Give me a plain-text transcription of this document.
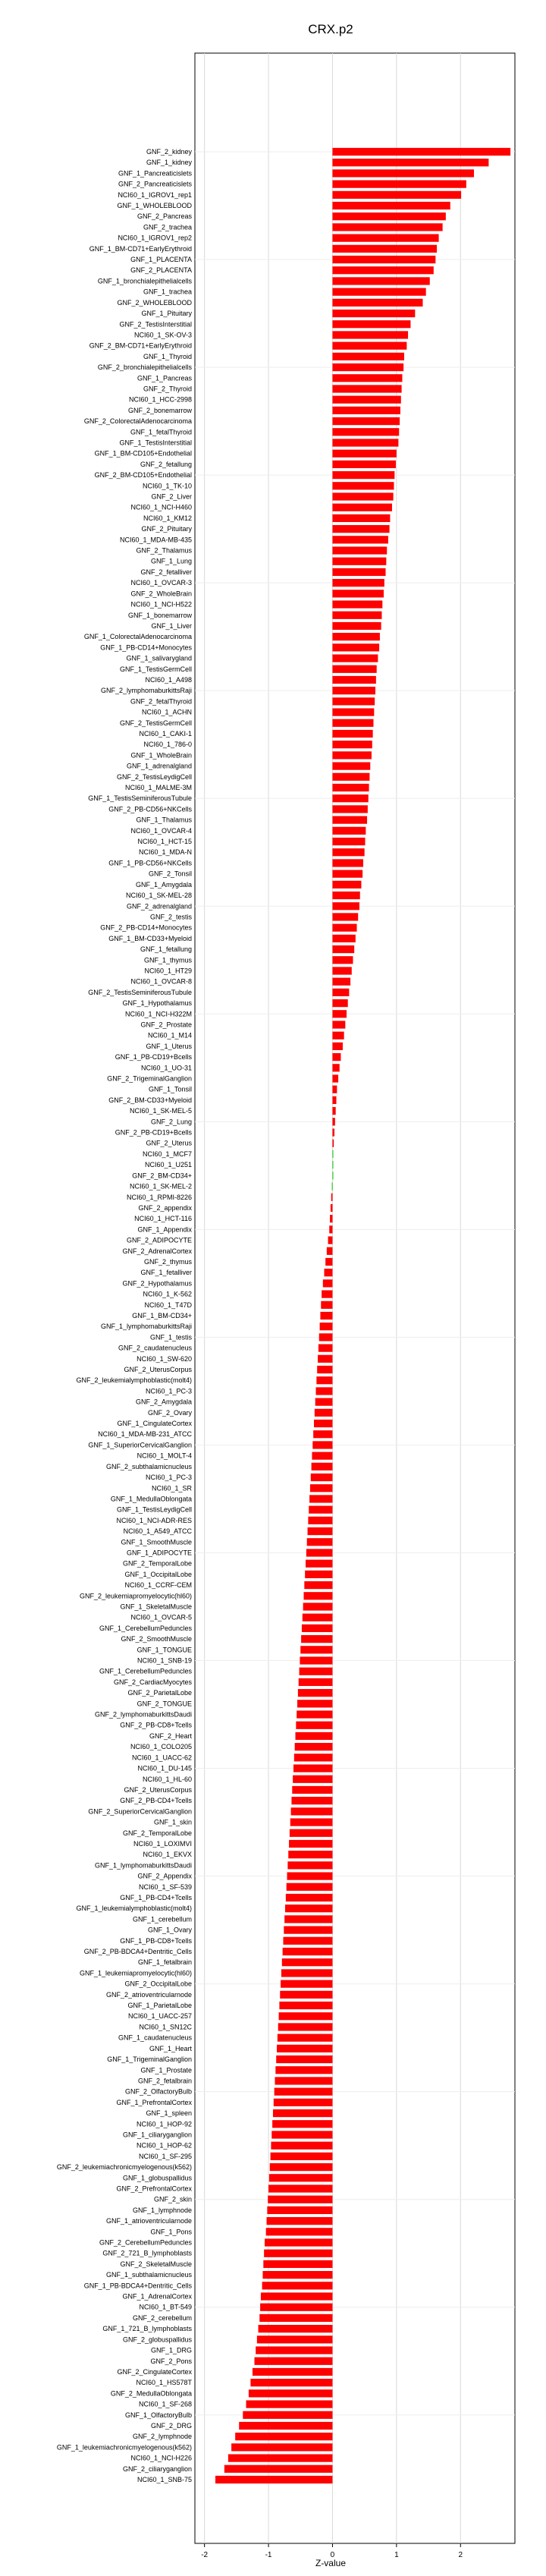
CRX.p2
GNF_2_kidney
GNF_1_kidney
GNF_1_Pancreaticislets
GNF_2_Pancreaticislets
NCI60_1_IGROV1_rep1
GNF_1_WHOLEBLOOD
GNF_2_Pancreas
GNF_2_trachea
NCI60_1_IGROV1_rep2
GNF_1_BM-CD71+EarlyErythroid
GNF_1_PLACENTA
GNF_2_PLACENTA
GNF_1_bronchialepithelialcells
GNF_1_trachea
GNF_2_WHOLEBLOOD
GNF_1_Pituitary
GNF_2_TestisInterstitial
NCI60_1_SK-OV-3
GNF_2_BM-CD71+EarlyErythroid
GNF_1_Thyroid
GNF_2_bronchialepithelialcells
GNF_1_Pancreas
GNF_2_Thyroid
NCI60_1_HCC-2998
GNF_2_bonemarrow
GNF_2_ColorectalAdenocarcinoma
GNF_1_fetalThyroid
GNF_1_TestisInterstitial
GNF_1_BM-CD105+Endothelial
GNF_2_fetallung
GNF_2_BM-CD105+Endothelial
NCI60_1_TK-10
GNF_2_Liver
NCI60_1_NCI-H460
NCI60_1_KM12
GNF_2_Pituitary
NCI60_1_MDA-MB-435
GNF_2_Thalamus
GNF_1_Lung
GNF_2_fetalliver
NCI60_1_OVCAR-3
GNF_2_WholeBrain
NCI60_1_NCI-H522
GNF_1_bonemarrow
GNF_1_Liver
GNF_1_ColorectalAdenocarcinoma
GNF_1_PB-CD14+Monocytes
GNF_1_salivarygland
GNF_1_TestisGermCell
NCI60_1_A498
GNF_2_lymphomaburkittsRaji
GNF_2_fetalThyroid
NCI60_1_ACHN
GNF_2_TestisGermCell
NCI60_1_CAKI-1
NCI60_1_786-0
GNF_1_WholeBrain
GNF_1_adrenalgland
GNF_2_TestisLeydigCell
NCI60_1_MALME-3M
GNF_1_TestisSeminiferousTubule
GNF_2_PB-CD56+NKCells
GNF_1_Thalamus
NCI60_1_OVCAR-4
NCI60_1_HCT-15
NCI60_1_MDA-N
GNF_1_PB-CD56+NKCells
GNF_2_Tonsil
GNF_1_Amygdala
NCI60_1_SK-MEL-28
GNF_2_adrenalgland
GNF_2_testis
GNF_2_PB-CD14+Monocytes
GNF_1_BM-CD33+Myeloid
GNF_1_fetallung
GNF_1_thymus
NCI60_1_HT29
NCI60_1_OVCAR-8
GNF_2_TestisSeminiferousTubule
GNF_1_Hypothalamus
NCI60_1_NCI-H322M
GNF_2_Prostate
NCI60_1_M14
GNF_1_Uterus
GNF_1_PB-CD19+Bcells
NCI60_1_UO-31
GNF_2_TrigeminalGanglion
GNF_1_Tonsil
GNF_2_BM-CD33+Myeloid
NCI60_1_SK-MEL-5
GNF_2_Lung
GNF_2_PB-CD19+Bcells
GNF_2_Uterus
NCI60_1_MCF7
NCI60_1_U251
GNF_2_BM-CD34+
NCI60_1_SK-MEL-2
NCI60_1_RPMI-8226
GNF_2_appendix
NCI60_1_HCT-116
GNF_1_Appendix
GNF_2_ADIPOCYTE
GNF_2_AdrenalCortex
GNF_2_thymus
GNF_1_fetalliver
GNF_2_Hypothalamus
NCI60_1_K-562
NCI60_1_T47D
GNF_1_BM-CD34+
GNF_1_lymphomaburkittsRaji
GNF_1_testis
GNF_2_caudatenucleus
NCI60_1_SW-620
GNF_2_UterusCorpus
GNF_2_leukemialymphoblastic(molt4)
NCI60_1_PC-3
GNF_2_Amygdala
GNF_2_Ovary
GNF_1_CingulateCortex
NCI60_1_MDA-MB-231_ATCC
GNF_1_SuperiorCervicalGanglion
NCI60_1_MOLT-4
GNF_2_subthalamicnucleus
NCI60_1_PC-3
NCI60_1_SR
GNF_1_MedullaOblongata
GNF_1_TestisLeydigCell
NCI60_1_NCI-ADR-RES
NCI60_1_A549_ATCC
GNF_1_SmoothMuscle
GNF_1_ADIPOCYTE
GNF_2_TemporalLobe
GNF_1_OccipitalLobe
NCI60_1_CCRF-CEM
GNF_2_leukemiapromyelocytic(hl60)
GNF_1_SkeletalMuscle
NCI60_1_OVCAR-5
GNF_1_CerebellumPeduncles
GNF_2_SmoothMuscle
GNF_1_TONGUE
NCI60_1_SNB-19
GNF_1_CerebellumPeduncles
GNF_2_CardiacMyocytes
GNF_2_ParietalLobe
GNF_2_TONGUE
GNF_2_lymphomaburkittsDaudi
GNF_2_PB-CD8+Tcells
GNF_2_Heart
NCI60_1_COLO205
NCI60_1_UACC-62
NCI60_1_DU-145
NCI60_1_HL-60
GNF_2_UterusCorpus
GNF_2_PB-CD4+Tcells
GNF_2_SuperiorCervicalGanglion
GNF_1_skin
GNF_2_TemporalLobe
NCI60_1_LOXIMVI
NCI60_1_EKVX
GNF_1_lymphomaburkittsDaudi
GNF_2_Appendix
NCI60_1_SF-539
GNF_1_PB-CD4+Tcells
GNF_1_leukemialymphoblastic(molt4)
GNF_1_cerebellum
GNF_1_Ovary
GNF_1_PB-CD8+Tcells
GNF_2_PB-BDCA4+Dentritic_Cells
GNF_1_fetalbrain
GNF_1_leukemiapromyelocytic(hl60)
GNF_2_OccipitalLobe
GNF_2_atrioventricularnode
GNF_1_ParietalLobe
NCI60_1_UACC-257
NCI60_1_SN12C
GNF_1_caudatenucleus
GNF_1_Heart
GNF_1_TrigeminalGanglion
GNF_1_Prostate
GNF_2_fetalbrain
GNF_2_OlfactoryBulb
GNF_1_PrefrontalCortex
GNF_1_spleen
NCI60_1_HOP-92
GNF_1_ciliaryganglion
NCI60_1_HOP-62
NCI60_1_SF-295
GNF_2_leukemiachronicmyelogenous(k562)
GNF_1_globuspallidus
GNF_2_PrefrontalCortex
GNF_2_skin
GNF_1_lymphnode
GNF_1_atrioventricularnode
GNF_1_Pons
GNF_2_CerebellumPeduncles
GNF_2_721_B_lymphoblasts
GNF_2_SkeletalMuscle
GNF_1_subthalamicnucleus
GNF_1_PB-BDCA4+Dentritic_Cells
GNF_1_AdrenalCortex
NCI60_1_BT-549
GNF_2_cerebellum
GNF_1_721_B_lymphoblasts
GNF_2_globuspallidus
GNF_1_DRG
GNF_2_Pons
GNF_2_CingulateCortex
NCI60_1_HS578T
GNF_2_MedullaOblongata
NCI60_1_SF-268
GNF_1_OlfactoryBulb
GNF_2_DRG
GNF_2_lymphnode
GNF_1_leukemiachronicmyelogenous(k562)
NCI60_1_NCI-H226
GNF_2_ciliaryganglion
NCI60_1_SNB-75
-2	-1	0	1	2
Z-value
